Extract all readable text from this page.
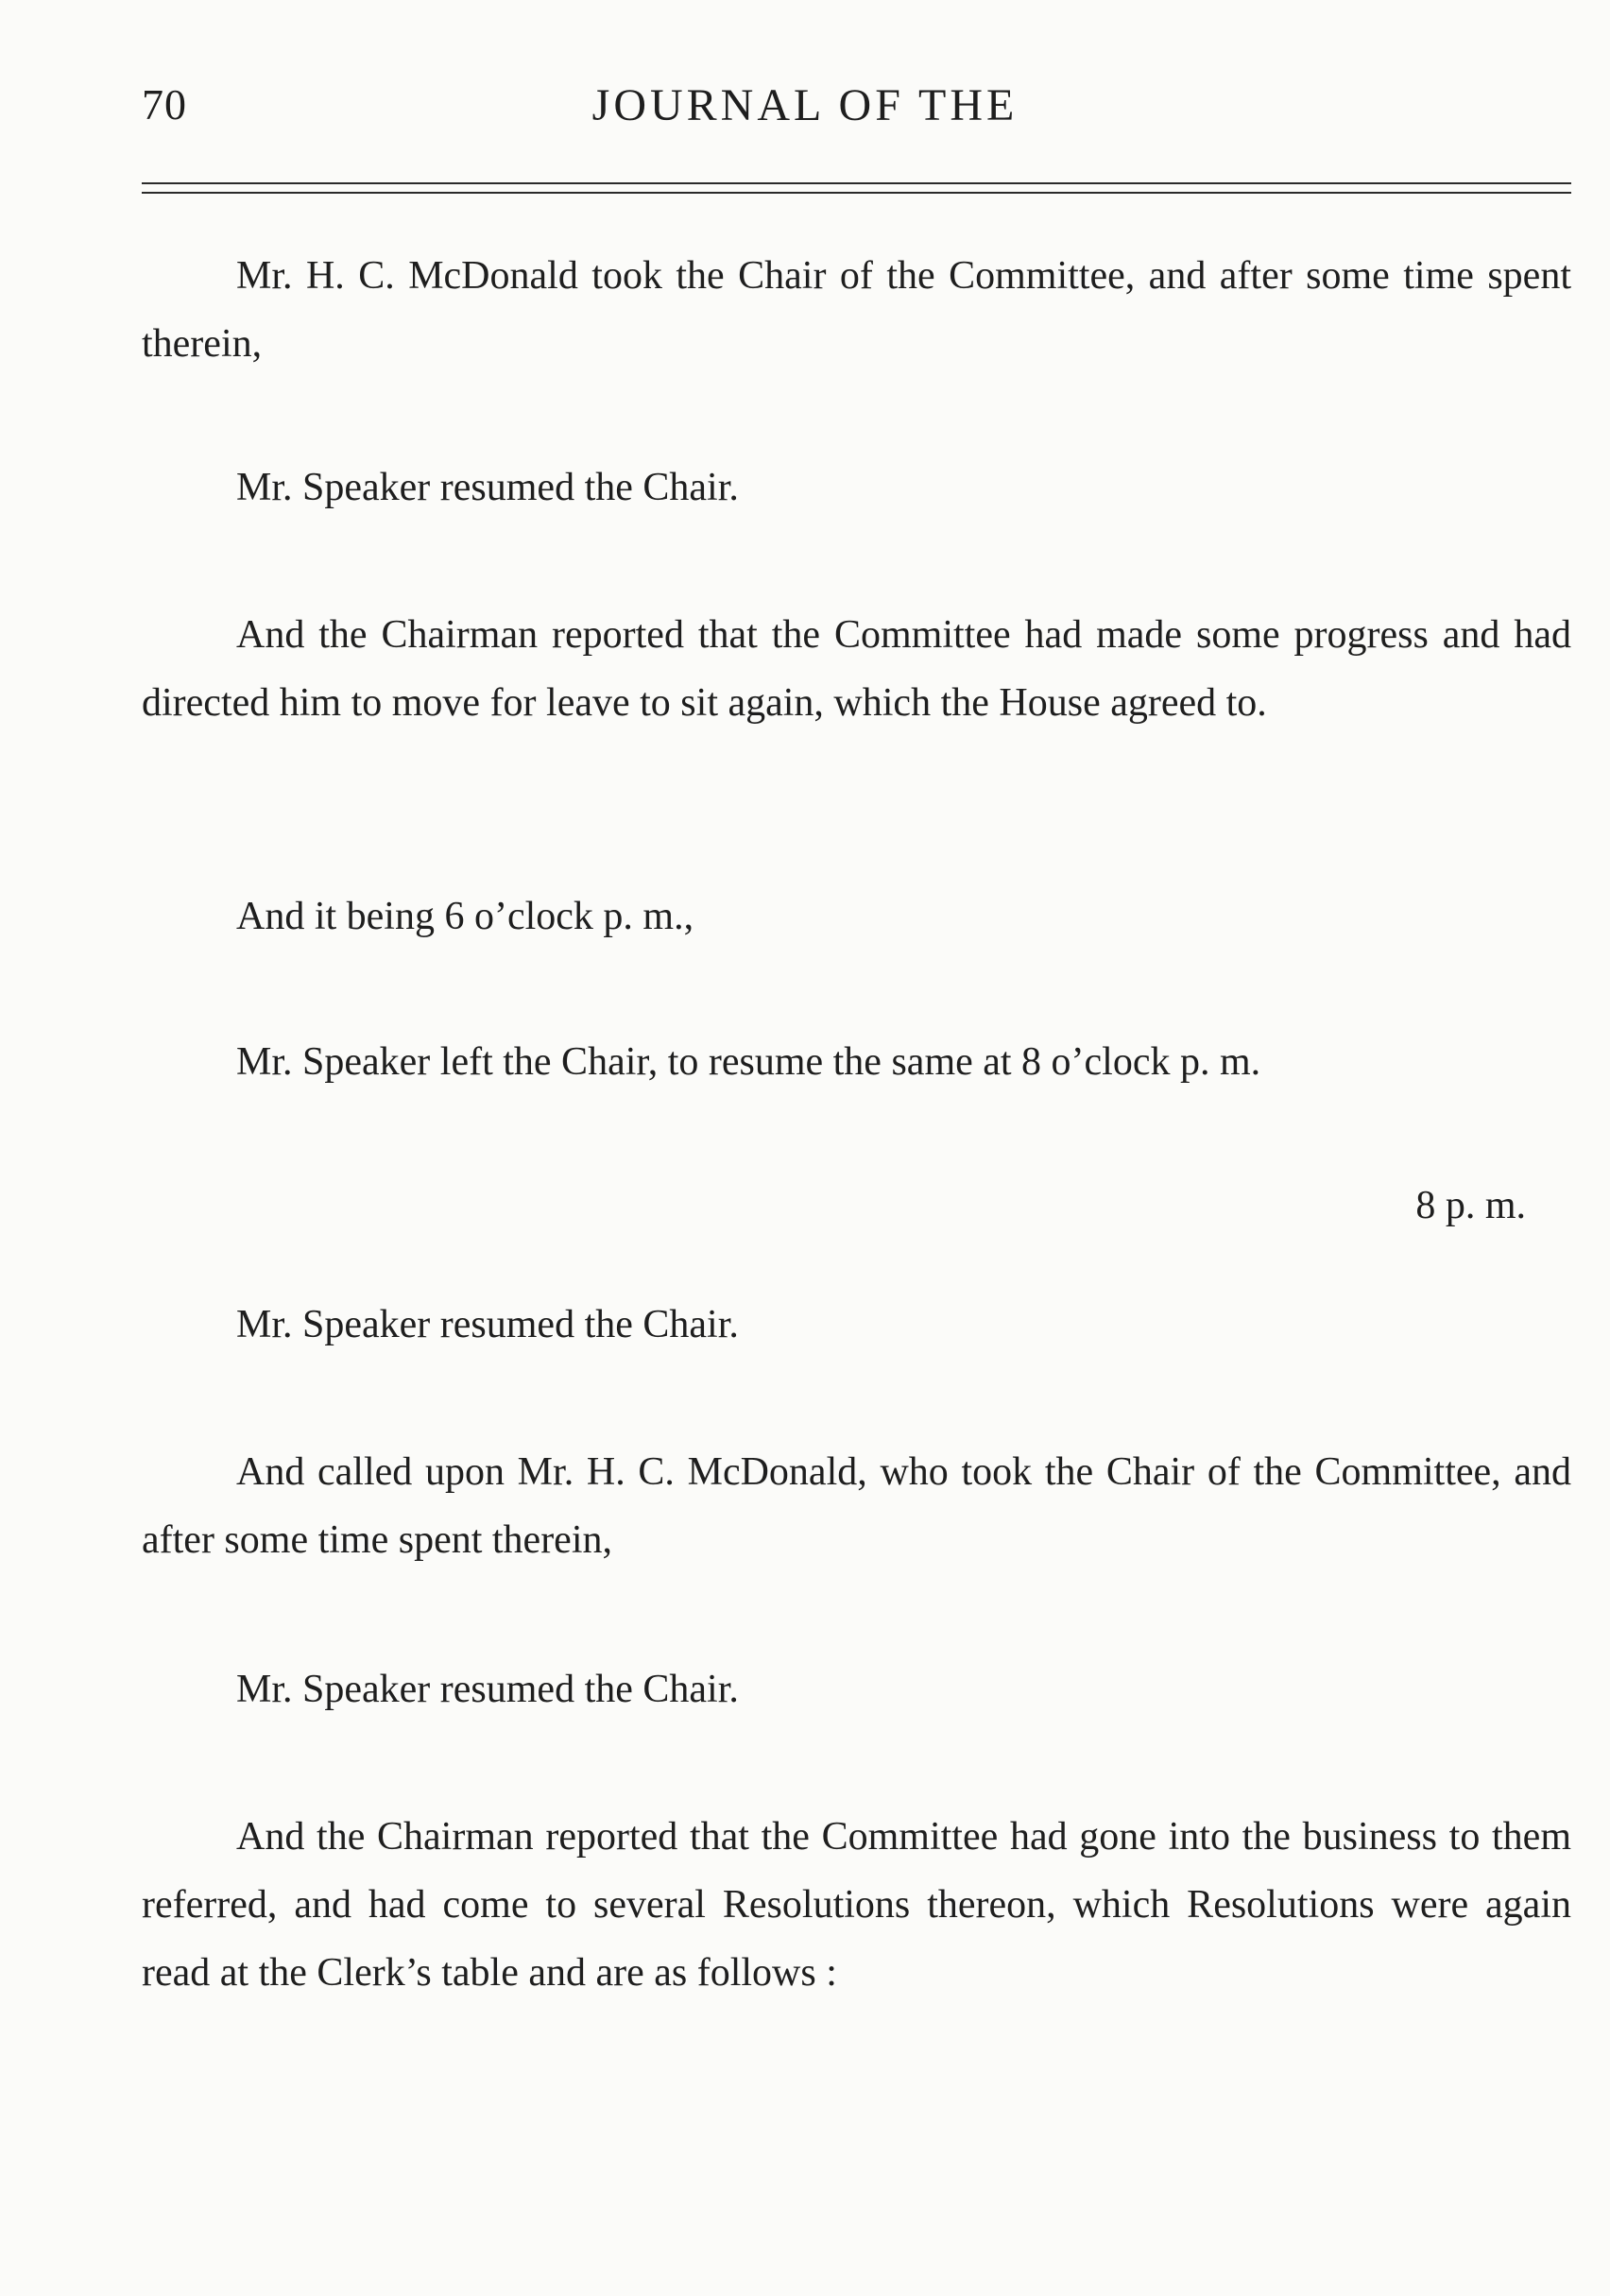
70	JOURNAL OF THE

Mr. H. C. McDonald took the Chair of the Committee, and after some time spent therein,

Mr. Speaker resumed the Chair.

And the Chairman reported that the Committee had made some progress and had directed him to move for leave to sit again, which the House agreed to.

And it being 6 o’clock p. m.,

Mr. Speaker left the Chair, to resume the same at 8 o’clock p. m.

8 p. m.

Mr. Speaker resumed the Chair.

And called upon Mr. H. C. McDonald, who took the Chair of the Committee, and after some time spent therein,

Mr. Speaker resumed the Chair.

And the Chairman reported that the Committee had gone into the business to them referred, and had come to several Resolutions thereon, which Resolutions were again read at the Clerk’s table and are as follows :
